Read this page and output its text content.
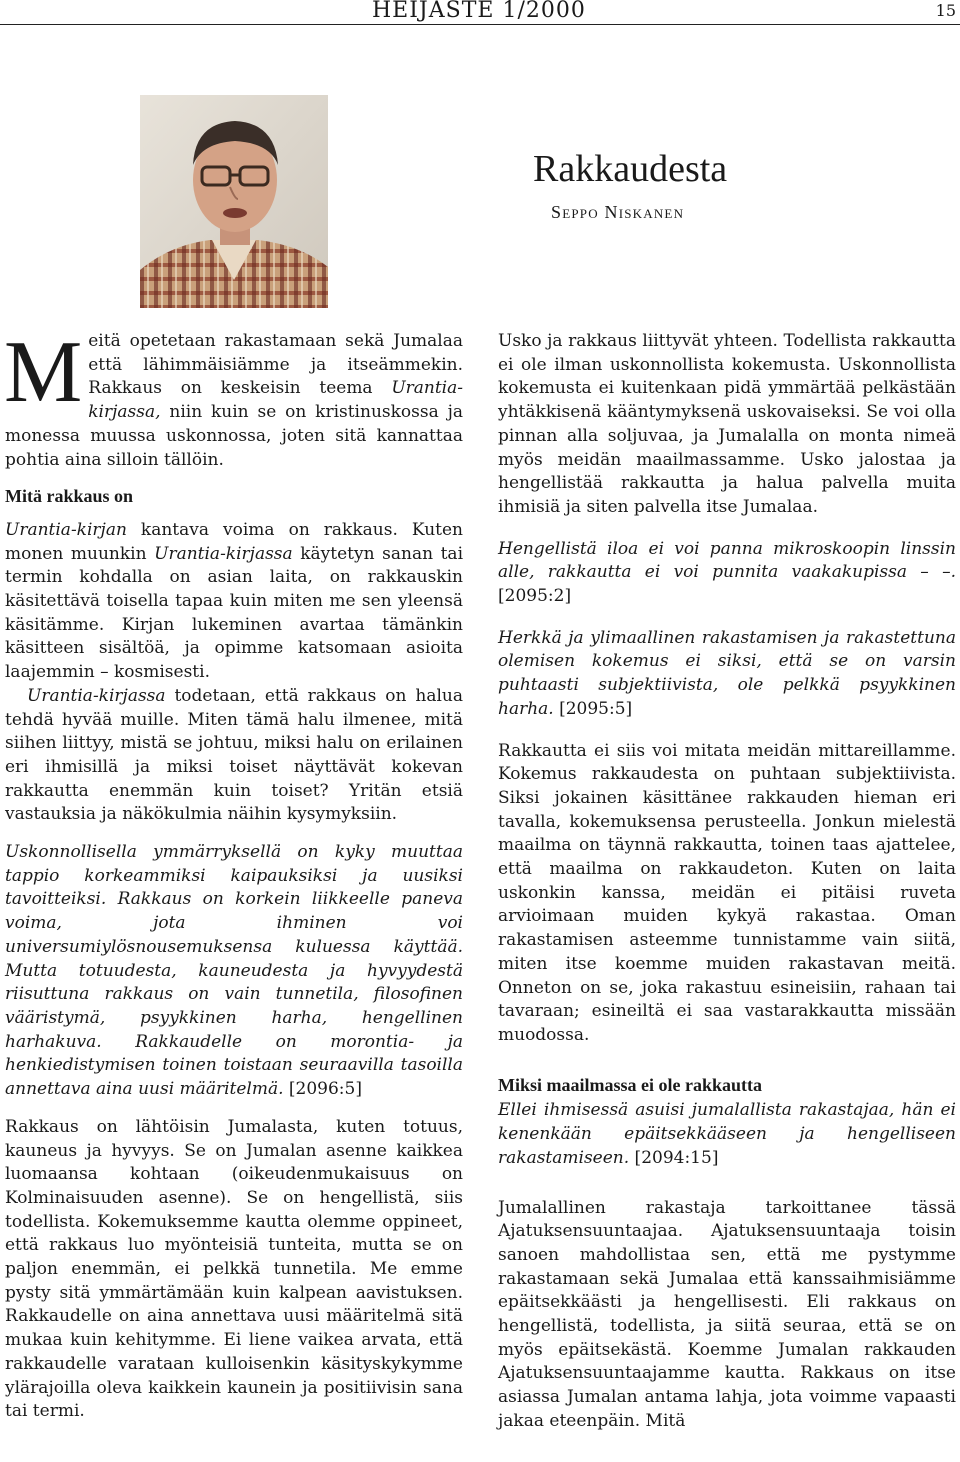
HEIJASTE 1/2000	15
Rakkaudesta
Seppo Niskanen

Meitä opetetaan rakastamaan sekä Jumalaa että lähimmäisiämme ja itseämmekin. Rakkaus on keskeisin teema Urantia-kirjassa, niin kuin se on kristinuskossa ja monessa muussa uskonnossa, joten sitä kannattaa pohtia aina silloin tällöin.

Mitä rakkaus on

Urantia-kirjan kantava voima on rakkaus. Kuten monen muunkin Urantia-kirjassa käytetyn sanan tai termin kohdalla on asian laita, on rakkauskin käsitettävä toisella tapaa kuin miten me sen yleensä käsitämme. Kirjan lukeminen avartaa tämänkin käsitteen sisältöä, ja opimme katsomaan asioita laajemmin – kosmisesti.

Urantia-kirjassa todetaan, että rakkaus on halua tehdä hyvää muille. Miten tämä halu ilmenee, mitä siihen liittyy, mistä se johtuu, miksi halu on erilainen eri ihmisillä ja miksi toiset näyttävät kokevan rakkautta enemmän kuin toiset? Yritän etsiä vastauksia ja näkökulmia näihin kysymyksiin.

Uskonnollisella ymmärryksellä on kyky muuttaa tappio korkeammiksi kaipauksiksi ja uusiksi tavoitteiksi. Rakkaus on korkein liikkeelle paneva voima, jota ihminen voi universumiylösnousemuksensa kuluessa käyttää. Mutta totuudesta, kauneudesta ja hyvyydestä riisuttuna rakkaus on vain tunnetila, filosofinen vääristymä, psyykkinen harha, hengellinen harhakuva. Rakkaudelle on morontia- ja henkiedistymisen toinen toistaan seuraavilla tasoilla annettava aina uusi määritelmä. [2096:5]

Rakkaus on lähtöisin Jumalasta, kuten totuus, kauneus ja hyvyys. Se on Jumalan asenne kaikkea luomaansa kohtaan (oikeudenmukaisuus on Kolminaisuuden asenne). Se on hengellistä, siis todellista. Kokemuksemme kautta olemme oppineet, että rakkaus luo myönteisiä tunteita, mutta se on paljon enemmän, ei pelkkä tunnetila. Me emme pysty sitä ymmärtämään kuin kalpean aavistuksen. Rakkaudelle on aina annettava uusi määritelmä sitä mukaa kuin kehitymme. Ei liene vaikea arvata, että rakkaudelle varataan kulloisenkin käsityskykymme ylärajoilla oleva kaikkein kaunein ja positiivisin sana tai termi.

Usko ja rakkaus liittyvät yhteen. Todellista rakkautta ei ole ilman uskonnollista kokemusta. Uskonnollista kokemusta ei kuitenkaan pidä ymmärtää pelkästään yhtäkkisenä kääntymyksenä uskovaiseksi. Se voi olla pinnan alla soljuvaa, ja Jumalalla on monta nimeä myös meidän maailmassamme. Usko jalostaa ja hengellistää rakkautta ja halua palvella muita ihmisiä ja siten palvella itse Jumalaa.

Hengellistä iloa ei voi panna mikroskoopin linssin alle, rakkautta ei voi punnita vaakakupissa – –. [2095:2]

Herkkä ja ylimaallinen rakastamisen ja rakastettuna olemisen kokemus ei siksi, että se on varsin puhtaasti subjektiivista, ole pelkkä psyykkinen harha. [2095:5]

Rakkautta ei siis voi mitata meidän mittareillamme. Kokemus rakkaudesta on puhtaan subjektiivista. Siksi jokainen käsittänee rakkauden hieman eri tavalla, kokemuksensa perusteella. Jonkun mielestä maailma on täynnä rakkautta, toinen taas ajattelee, että maailma on rakkaudeton. Kuten on laita uskonkin kanssa, meidän ei pitäisi ruveta arvioimaan muiden kykyä rakastaa. Oman rakastamisen asteemme tunnistamme vain siitä, miten itse koemme muiden rakastavan meitä. Onneton on se, joka rakastuu esineisiin, rahaan tai tavaraan; esineiltä ei saa vastarakkautta missään muodossa.

Miksi maailmassa ei ole rakkautta

Ellei ihmisessä asuisi jumalallista rakastajaa, hän ei kenenkään epäitsekkääseen ja hengelliseen rakastamiseen. [2094:15]

Jumalallinen rakastaja tarkoittanee tässä Ajatuksensuuntaajaa. Ajatuksensuuntaaja toisin sanoen mahdollistaa sen, että me pystymme rakastamaan sekä Jumalaa että kanssaihmisiämme epäitsekkäästi ja hengellisesti. Eli rakkaus on hengellistä, todellista, ja siitä seuraa, että se on myös epäitsekästä. Koemme Jumalan rakkauden Ajatuksensuuntaajamme kautta. Rakkaus on itse asiassa Jumalan antama lahja, jota voimme vapaasti jakaa eteenpäin. Mitä
